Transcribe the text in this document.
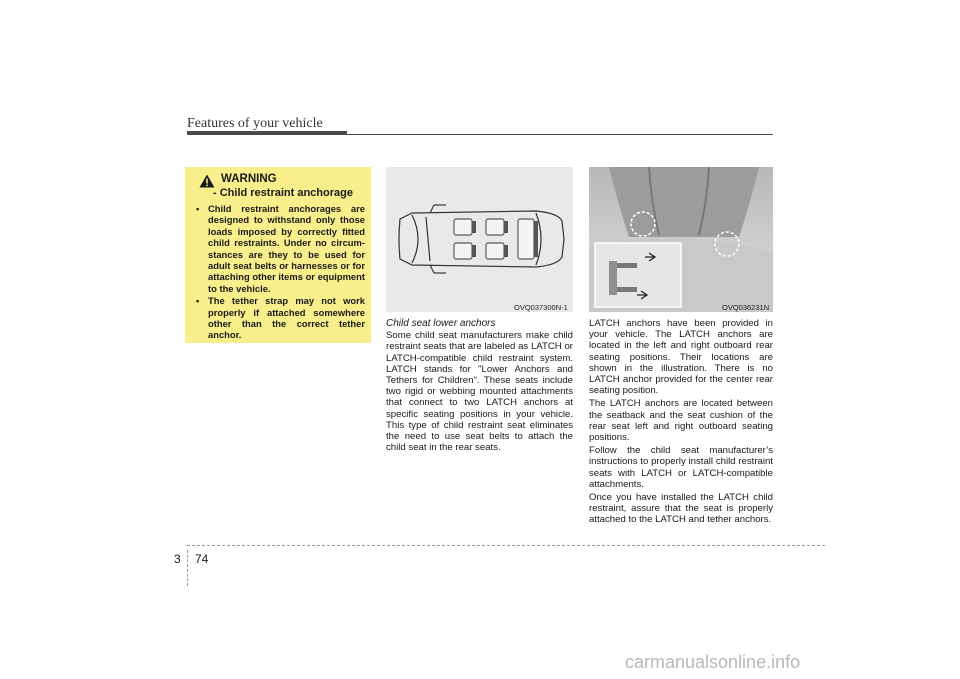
Features of your vehicle
WARNING
- Child restraint anchorage
• Child restraint anchorages are designed to withstand only those loads imposed by correctly fitted child restraints. Under no circum- stances are they to be used for adult seat belts or harnesses or for attaching other items or equipment to the vehicle.
• The tether strap may not work properly if attached somewhere other than the correct tether anchor.
OVQ037300N-1	OVQ036231N
Child seat lower anchors

Some child seat manufacturers make child restraint seats that are labeled as LATCH or LATCH-compatible child restraint system. LATCH stands for "Lower Anchors and Tethers for Children". These seats include two rigid or webbing mounted attachments that connect to two LATCH anchors at specific seating positions in your vehicle. This type of child restraint seat eliminates the need to use seat belts to attach the child seat in the rear seats.

LATCH anchors have been provided in your vehicle. The LATCH anchors are located in the left and right outboard rear seating positions. Their locations are shown in the illustration. There is no LATCH anchor provided for the center rear seating position.

The LATCH anchors are located between the seatback and the seat cushion of the rear seat left and right outboard seating positions.

Follow the child seat manufacturer’s instructions to properly install child restraint seats with LATCH or LATCH-compatible attachments.

Once you have installed the LATCH child restraint, assure that the seat is properly attached to the LATCH and tether anchors.

3 74
carmanualsonline.info
